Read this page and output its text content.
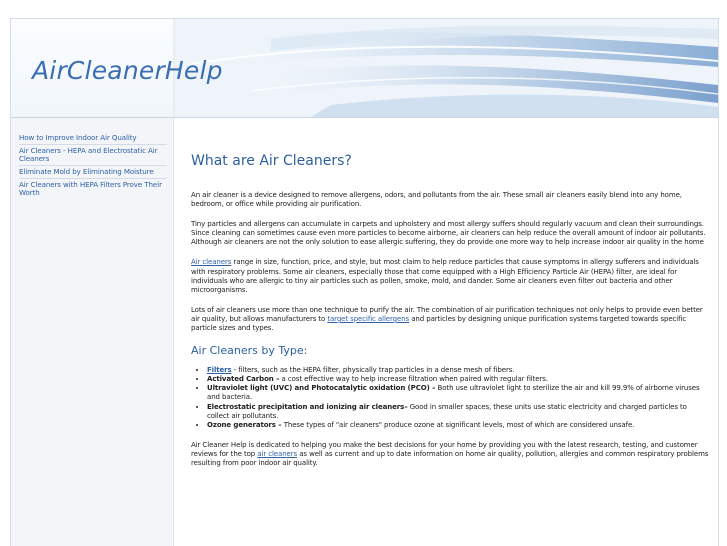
AirCleanerHelp
How to Improve Indoor Air Quality
Air Cleaners - HEPA and Electrostatic Air Cleaners
Eliminate Mold by Eliminating Moisture
Air Cleaners with HEPA Filters Prove Their Worth
What are Air Cleaners?

An air cleaner is a device designed to remove allergens, odors, and pollutants from the air. These small air cleaners easily blend into any home, bedroom, or office while providing air purification.

Tiny particles and allergens can accumulate in carpets and upholstery and most allergy suffers should regularly vacuum and clean their surroundings. Since cleaning can sometimes cause even more particles to become airborne, air cleaners can help reduce the overall amount of indoor air pollutants. Although air cleaners are not the only solution to ease allergic suffering, they do provide one more way to help increase indoor air quality in the home

Air cleaners range in size, function, price, and style, but most claim to help reduce particles that cause symptoms in allergy sufferers and individuals with respiratory problems. Some air cleaners, especially those that come equipped with a High Efficiency Particle Air (HEPA) filter, are ideal for individuals who are allergic to tiny air particles such as pollen, smoke, mold, and dander. Some air cleaners even filter out bacteria and other microorganisms.

Lots of air cleaners use more than one technique to purify the air. The combination of air purification techniques not only helps to provide even better air quality, but allows manufacturers to target specific allergens and particles by designing unique purification systems targeted towards specific particle sizes and types.

Air Cleaners by Type:
• Filters - filters, such as the HEPA filter, physically trap particles in a dense mesh of fibers.
• Activated Carbon – a cost effective way to help increase filtration when paired with regular filters.
• Ultraviolet light (UVC) and Photocatalytic oxidation (PCO) – Both use ultraviolet light to sterilize the air and kill 99.9% of airborne viruses and bacteria.
• Electrostatic precipitation and ionizing air cleaners– Good in smaller spaces, these units use static electricity and charged particles to collect air pollutants.
• Ozone generators – These types of "air cleaners" produce ozone at significant levels, most of which are considered unsafe.

Air Cleaner Help is dedicated to helping you make the best decisions for your home by providing you with the latest research, testing, and customer reviews for the top air cleaners as well as current and up to date information on home air quality, pollution, allergies and common respiratory problems resulting from poor indoor air quality.
